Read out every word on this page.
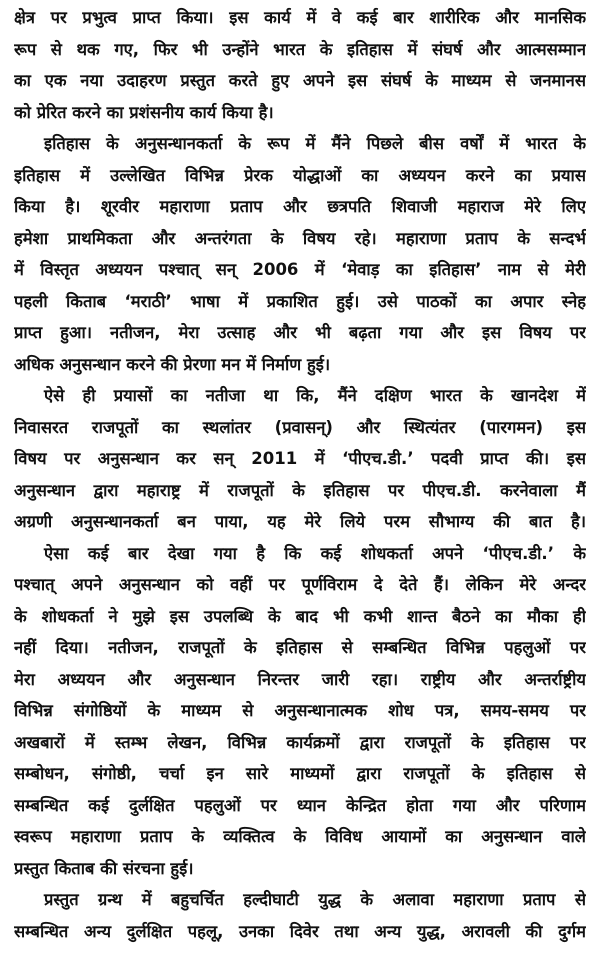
क्षेत्र पर प्रभुत्व प्राप्त किया। इस कार्य में वे कई बार शारीरिक और मानसिक
रूप से थक गए, फिर भी उन्होंने भारत के इतिहास में संघर्ष और आत्मसम्मान
का एक नया उदाहरण प्रस्तुत करते हुए अपने इस संघर्ष के माध्यम से जनमानस
को प्रेरित करने का प्रशंसनीय कार्य किया है।
इतिहास के अनुसन्धानकर्ता के रूप में मैंने पिछले बीस वर्षों में भारत के
इतिहास में उल्लेखित विभिन्न प्रेरक योद्धाओं का अध्ययन करने का प्रयास
किया है। शूरवीर महाराणा प्रताप और छत्रपति शिवाजी महाराज मेरे लिए
हमेशा प्राथमिकता और अन्तरंगता के विषय रहे। महाराणा प्रताप के सन्दर्भ
में विस्तृत अध्ययन पश्चात् सन् 2006 में ‘मेवाड़ का इतिहास’ नाम से मेरी
पहली किताब ‘मराठी’ भाषा में प्रकाशित हुई। उसे पाठकों का अपार स्नेह
प्राप्त हुआ। नतीजन, मेरा उत्साह और भी बढ़ता गया और इस विषय पर
अधिक अनुसन्धान करने की प्रेरणा मन में निर्माण हुई।
ऐसे ही प्रयासों का नतीजा था कि, मैंने दक्षिण भारत के खानदेश में
निवासरत राजपूतों का स्थलांतर (प्रवासन्) और स्थित्यंतर (पारगमन) इस
विषय पर अनुसन्धान कर सन् 2011 में ‘पीएच.डी.’ पदवी प्राप्त की। इस
अनुसन्धान द्वारा महाराष्ट्र में राजपूतों के इतिहास पर पीएच.डी. करनेवाला मैं
अग्रणी अनुसन्धानकर्ता बन पाया, यह मेरे लिये परम सौभाग्य की बात है।
ऐसा कई बार देखा गया है कि कई शोधकर्ता अपने ‘पीएच.डी.’ के
पश्चात् अपने अनुसन्धान को वहीं पर पूर्णविराम दे देते हैं। लेकिन मेरे अन्दर
के शोधकर्ता ने मुझे इस उपलब्धि के बाद भी कभी शान्त बैठने का मौका ही
नहीं दिया। नतीजन, राजपूतों के इतिहास से सम्बन्धित विभिन्न पहलुओं पर
मेरा अध्ययन और अनुसन्धान निरन्तर जारी रहा। राष्ट्रीय और अन्तर्राष्ट्रीय
विभिन्न संगोष्ठियों के माध्यम से अनुसन्धानात्मक शोध पत्र, समय-समय पर
अखबारों में स्तम्भ लेखन, विभिन्न कार्यक्रमों द्वारा राजपूतों के इतिहास पर
सम्बोधन, संगोष्ठी, चर्चा इन सारे माध्यमों द्वारा राजपूतों के इतिहास से
सम्बन्धित कई दुर्लक्षित पहलुओं पर ध्यान केन्द्रित होता गया और परिणाम
स्वरूप महाराणा प्रताप के व्यक्तित्व के विविध आयामों का अनुसन्धान वाले
प्रस्तुत किताब की संरचना हुई।
प्रस्तुत ग्रन्थ में बहुचर्चित हल्दीघाटी युद्ध के अलावा महाराणा प्रताप से
सम्बन्धित अन्य दुर्लक्षित पहलू, उनका दिवेर तथा अन्य युद्ध, अरावली की दुर्गम
